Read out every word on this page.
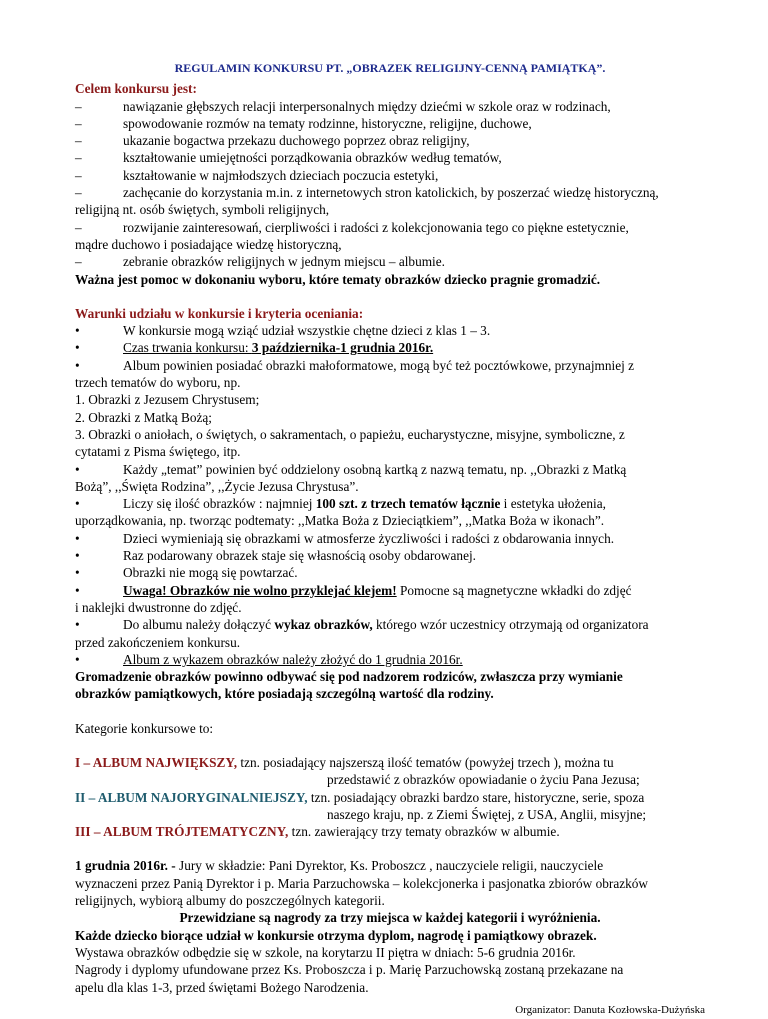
REGULAMIN KONKURSU PT. „OBRAZEK RELIGIJNY-CENNĄ PAMIĄTKĄ”.
Celem konkursu jest:
–	nawiązanie głębszych relacji interpersonalnych między dziećmi w szkole oraz w rodzinach,
–	spowodowanie rozmów na tematy rodzinne, historyczne, religijne, duchowe,
–	ukazanie bogactwa przekazu duchowego poprzez obraz religijny,
–	kształtowanie umiejętności porządkowania obrazków według tematów,
–	kształtowanie w najmłodszych dzieciach poczucia estetyki,
–	zachęcanie do korzystania m.in. z internetowych stron katolickich, by poszerzać wiedzę historyczną,
religijną nt. osób świętych, symboli religijnych,
–	rozwijanie zainteresowań, cierpliwości i radości z kolekcjonowania tego co piękne estetycznie,
mądre duchowo i posiadające wiedzę historyczną,
–	zebranie obrazków religijnych w jednym miejscu – albumie.
Ważna jest pomoc w dokonaniu wyboru, które tematy obrazków dziecko pragnie gromadzić.
Warunki udziału w konkursie i kryteria oceniania:
•	W konkursie mogą wziąć udział wszystkie chętne dzieci z klas 1 – 3.
•	Czas trwania konkursu: 3 października-1 grudnia 2016r.
•	Album powinien posiadać obrazki małoformatowe, mogą być też pocztówkowe, przynajmniej z
trzech tematów do wyboru, np.
1. Obrazki z Jezusem Chrystusem;
2. Obrazki z Matką Bożą;
3. Obrazki o aniołach, o świętych, o sakramentach, o papieżu, eucharystyczne, misyjne, symboliczne, z
cytatami z Pisma świętego, itp.
•	Każdy „temat” powinien być oddzielony osobną kartką z nazwą tematu, np. ,,Obrazki z Matką
Bożą”, ,,Święta Rodzina”, ,,Życie Jezusa Chrystusa”.
•	Liczy się ilość obrazków : najmniej 100 szt. z trzech tematów łącznie i estetyka ułożenia,
uporządkowania, np. tworząc podtematy: ,,Matka Boża z Dzieciątkiem”, ,,Matka Boża w ikonach”.
•	Dzieci wymieniają się obrazkami w atmosferze życzliwości i radości z obdarowania innych.
•	Raz podarowany obrazek staje się własnością osoby obdarowanej.
•	Obrazki nie mogą się powtarzać.
•	Uwaga! Obrazków nie wolno przyklejać klejem! Pomocne są magnetyczne wkładki do zdjęć
i naklejki dwustronne do zdjęć.
•	Do albumu należy dołączyć wykaz obrazków, którego wzór uczestnicy otrzymają od organizatora
przed zakończeniem konkursu.
•	Album z wykazem obrazków należy złożyć do 1 grudnia 2016r.
Gromadzenie obrazków powinno odbywać się pod nadzorem rodziców, zwłaszcza przy wymianie
obrazków pamiątkowych, które posiadają szczególną wartość dla rodziny.
Kategorie konkursowe to:
I – ALBUM NAJWIĘKSZY, tzn. posiadający najszerszą ilość tematów (powyżej trzech ), można tu
przedstawić z obrazków opowiadanie o życiu Pana Jezusa;
II – ALBUM NAJORYGINALNIEJSZY, tzn. posiadający obrazki bardzo stare, historyczne, serie, spoza
naszego kraju, np. z Ziemi Świętej, z USA, Anglii, misyjne;
III – ALBUM TRÓJTEMATYCZNY, tzn. zawierający trzy tematy obrazków w albumie.
1 grudnia 2016r. - Jury w składzie: Pani Dyrektor, Ks. Proboszcz , nauczyciele religii, nauczyciele
wyznaczeni przez Panią Dyrektor i p. Maria Parzuchowska – kolekcjonerka i pasjonatka zbiorów obrazków
religijnych, wybiorą albumy do poszczególnych kategorii.
Przewidziane są nagrody za trzy miejsca w każdej kategorii i wyróżnienia.
Każde dziecko biorące udział w konkursie otrzyma dyplom, nagrodę i pamiątkowy obrazek.
Wystawa obrazków odbędzie się w szkole, na korytarzu II piętra w dniach: 5-6 grudnia 2016r.
Nagrody i dyplomy ufundowane przez Ks. Proboszcza i p. Marię Parzuchowską zostaną przekazane na
apelu dla klas 1-3, przed świętami Bożego Narodzenia.
Organizator: Danuta Kozłowska-Dużyńska
